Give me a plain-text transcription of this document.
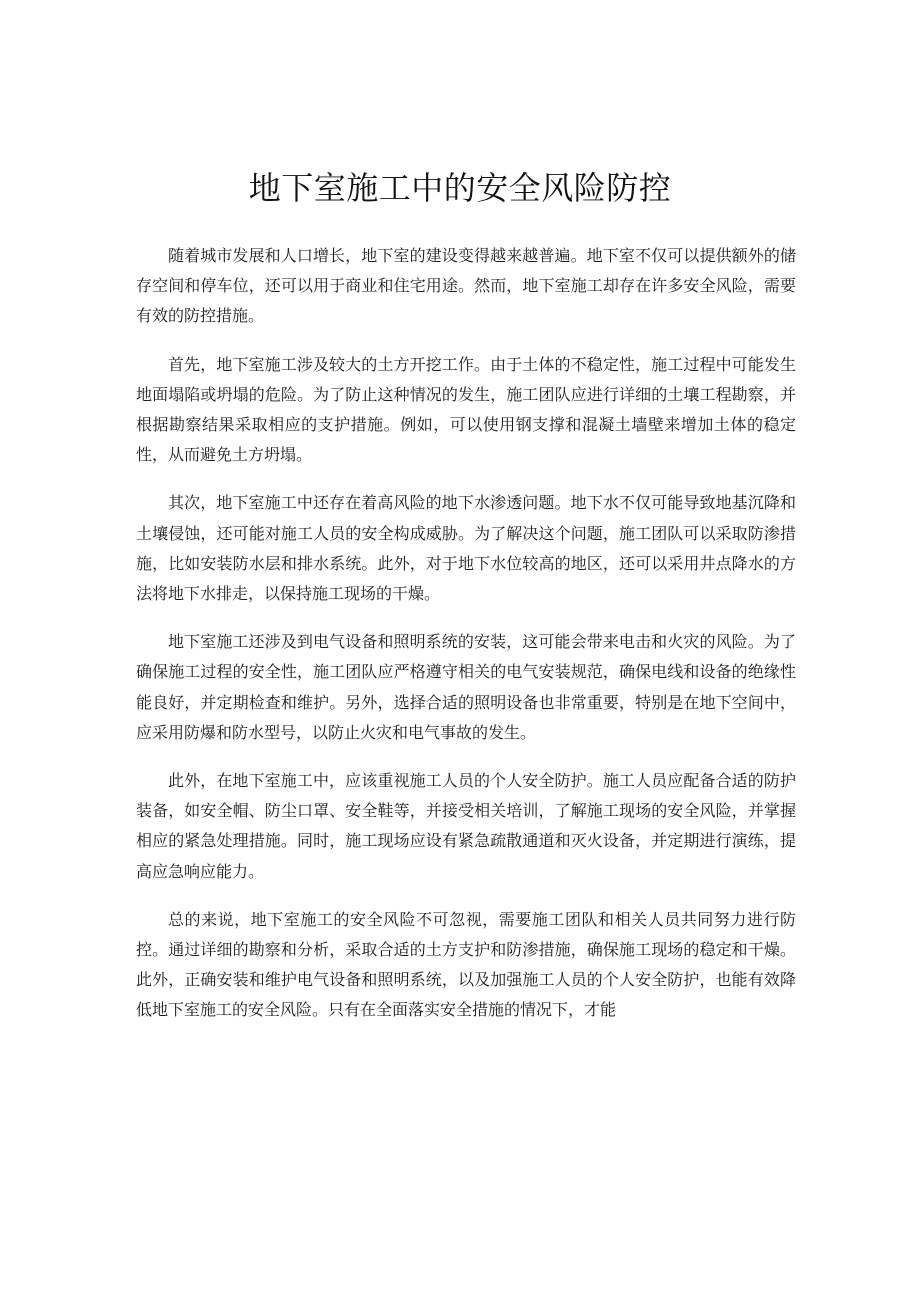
地下室施工中的安全风险防控

随着城市发展和人口增长，地下室的建设变得越来越普遍。地下室不仅可以提供额外的储存空间和停车位，还可以用于商业和住宅用途。然而，地下室施工却存在许多安全风险，需要有效的防控措施。

首先，地下室施工涉及较大的土方开挖工作。由于土体的不稳定性，施工过程中可能发生地面塌陷或坍塌的危险。为了防止这种情况的发生，施工团队应进行详细的土壤工程勘察，并根据勘察结果采取相应的支护措施。例如，可以使用钢支撑和混凝土墙壁来增加土体的稳定性，从而避免土方坍塌。

其次，地下室施工中还存在着高风险的地下水渗透问题。地下水不仅可能导致地基沉降和土壤侵蚀，还可能对施工人员的安全构成威胁。为了解决这个问题，施工团队可以采取防渗措施，比如安装防水层和排水系统。此外，对于地下水位较高的地区，还可以采用井点降水的方法将地下水排走，以保持施工现场的干燥。

地下室施工还涉及到电气设备和照明系统的安装，这可能会带来电击和火灾的风险。为了确保施工过程的安全性，施工团队应严格遵守相关的电气安装规范，确保电线和设备的绝缘性能良好，并定期检查和维护。另外，选择合适的照明设备也非常重要，特别是在地下空间中，应采用防爆和防水型号，以防止火灾和电气事故的发生。

此外，在地下室施工中，应该重视施工人员的个人安全防护。施工人员应配备合适的防护装备，如安全帽、防尘口罩、安全鞋等，并接受相关培训，了解施工现场的安全风险，并掌握相应的紧急处理措施。同时，施工现场应设有紧急疏散通道和灭火设备，并定期进行演练，提高应急响应能力。

总的来说，地下室施工的安全风险不可忽视，需要施工团队和相关人员共同努力进行防控。通过详细的勘察和分析，采取合适的土方支护和防渗措施，确保施工现场的稳定和干燥。此外，正确安装和维护电气设备和照明系统，以及加强施工人员的个人安全防护，也能有效降低地下室施工的安全风险。只有在全面落实安全措施的情况下，才能
